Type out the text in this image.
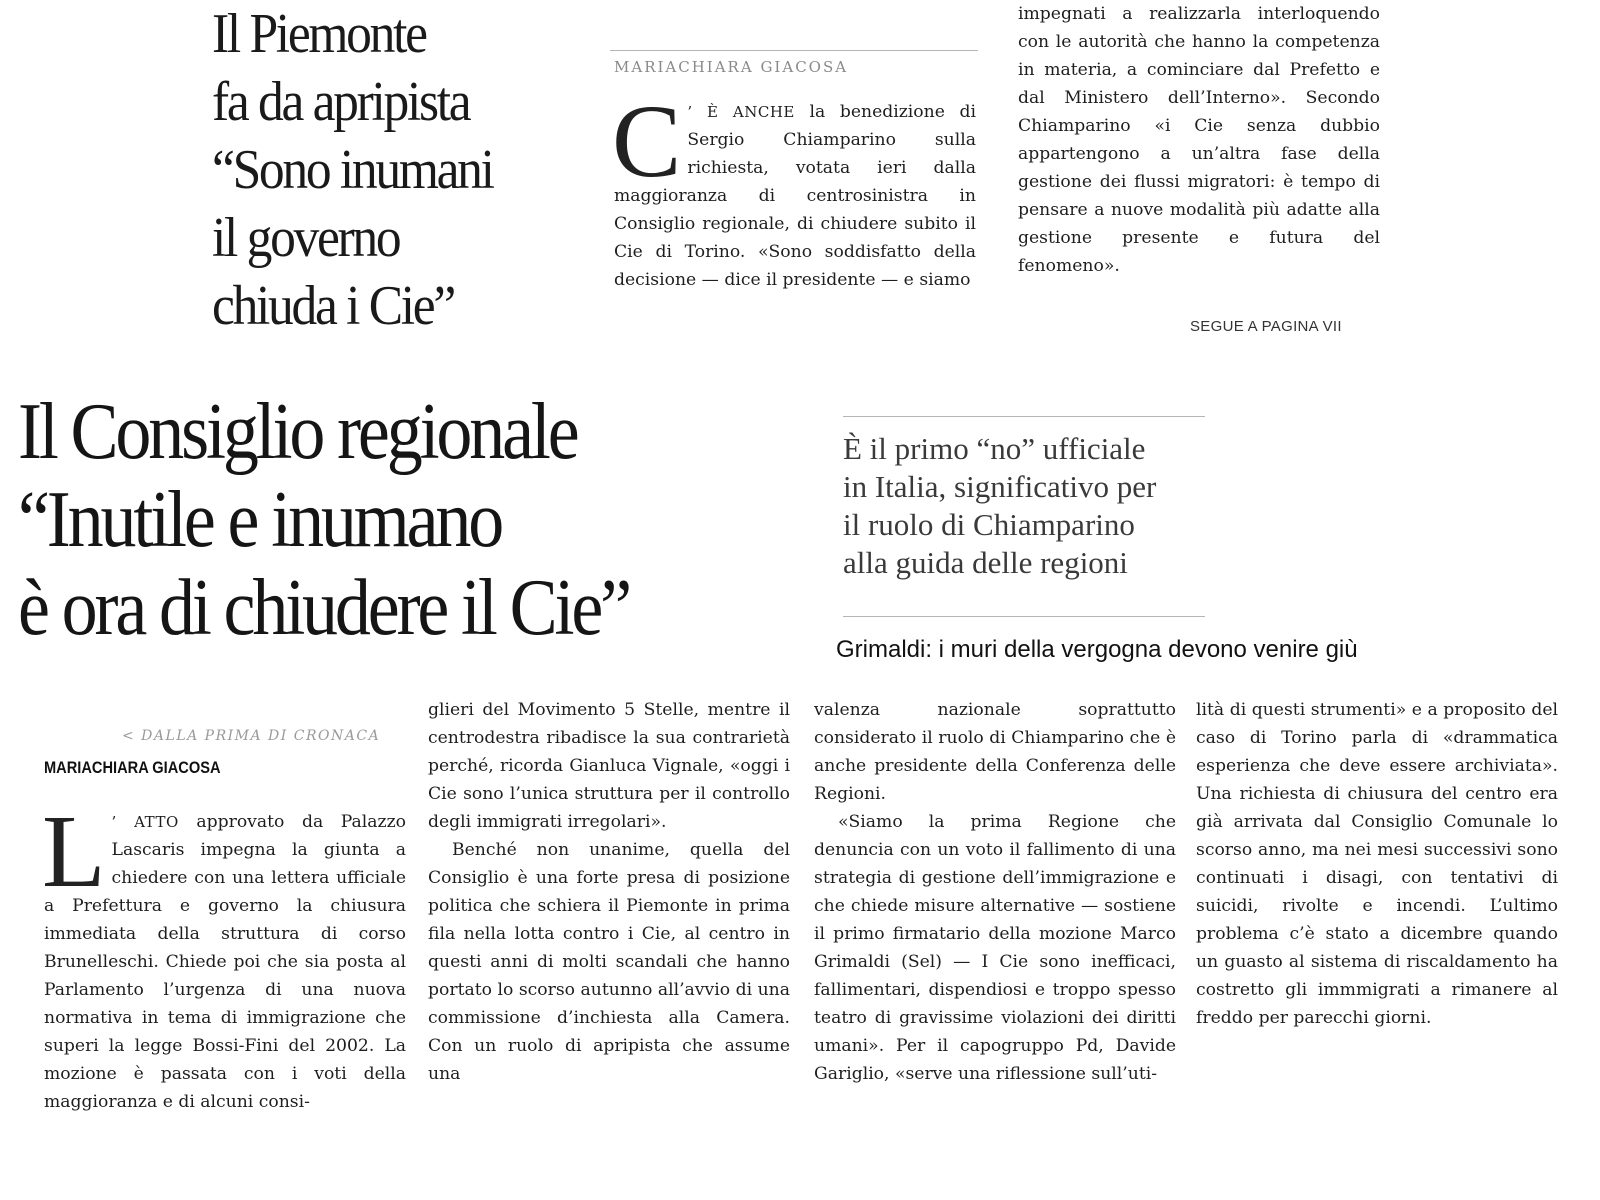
Il Piemonte
fa da apripista
“Sono inumani
il governo
chiuda i Cie”
MARIACHIARA GIACOSA

C ’ È ANCHE la benedizione di Sergio Chiamparino sulla richiesta, votata ieri dalla maggioranza di centrosinistra in Consiglio regionale, di chiudere subito il Cie di Torino. «Sono soddisfatto della decisione — dice il presidente — e siamo

impegnati a realizzarla interloquendo con le autorità che hanno la competenza in materia, a cominciare dal Prefetto e dal Ministero dell’Interno». Secondo Chiamparino «i Cie senza dubbio appartengono a un’altra fase della gestione dei flussi migratori: è tempo di pensare a nuove modalità più adatte alla gestione presente e futura del fenomeno».

SEGUE A PAGINA VII
Il Consiglio regionale
“Inutile e inumano
è ora di chiudere il Cie”
È il primo “no” ufficiale
in Italia, significativo per
il ruolo di Chiamparino
alla guida delle regioni
Grimaldi: i muri della vergogna devono venire giù
< DALLA PRIMA DI CRONACA
MARIACHIARA GIACOSA

L ’ ATTO approvato da Palazzo Lascaris impegna la giunta a chiedere con una lettera ufficiale a Prefettura e governo la chiusura immediata della struttura di corso Brunelleschi. Chiede poi che sia posta al Parlamento l’urgenza di una nuova normativa in tema di immigrazione che superi la legge Bossi-Fini del 2002. La mozione è passata con i voti della maggioranza e di alcuni consi-

glieri del Movimento 5 Stelle, mentre il centrodestra ribadisce la sua contrarietà perché, ricorda Gianluca Vignale, «oggi i Cie sono l’unica struttura per il controllo degli immigrati irregolari».

Benché non unanime, quella del Consiglio è una forte presa di posizione politica che schiera il Piemonte in prima fila nella lotta contro i Cie, al centro in questi anni di molti scandali che hanno portato lo scorso autunno all’avvio di una commissione d’inchiesta alla Camera. Con un ruolo di apripista che assume una

valenza nazionale soprattutto considerato il ruolo di Chiamparino che è anche presidente della Conferenza delle Regioni.

«Siamo la prima Regione che denuncia con un voto il fallimento di una strategia di gestione dell’immigrazione e che chiede misure alternative — sostiene il primo firmatario della mozione Marco Grimaldi (Sel) — I Cie sono inefficaci, fallimentari, dispendiosi e troppo spesso teatro di gravissime violazioni dei diritti umani». Per il capogruppo Pd, Davide Gariglio, «serve una riflessione sull’uti-

lità di questi strumenti» e a proposito del caso di Torino parla di «drammatica esperienza che deve essere archiviata». Una richiesta di chiusura del centro era già arrivata dal Consiglio Comunale lo scorso anno, ma nei mesi successivi sono continuati i disagi, con tentativi di suicidi, rivolte e incendi. L’ultimo problema c’è stato a dicembre quando un guasto al sistema di riscaldamento ha costretto gli immmigrati a rimanere al freddo per parecchi giorni.
